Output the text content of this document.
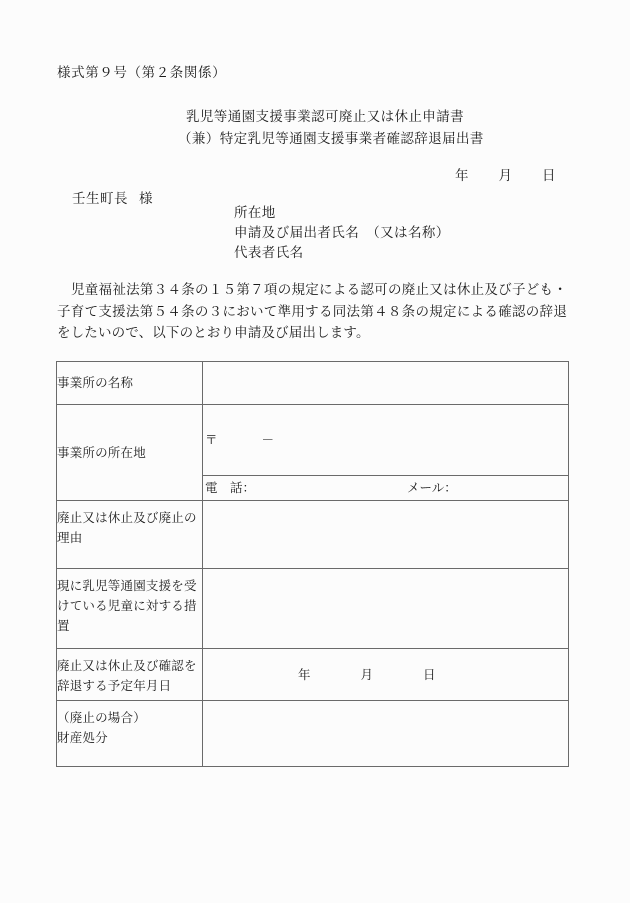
様式第９号（第２条関係）
乳児等通園支援事業認可廃止又は休止申請書
（兼）特定乳児等通園支援事業者確認辞退届出書
年 月 日
壬生町長 様
所在地
申請及び届出者氏名　（又は名称）
代表者氏名
児童福祉法第３４条の１５第７項の規定による認可の廃止又は休止及び子ども・子育て支援法第５４条の３において準用する同法第４８条の規定による確認の辞退をしたいので、以下のとおり申請及び届出します。
事業所の名称	
事業所の所在地	〒 －

	電　話： メール：

廃止又は休止及び廃止の理由	
現に乳児等通園支援を受けている児童に対する措置	
廃止又は休止及び確認を辞退する予定年月日	年 月 日

（廃止の場合）
財産処分	
